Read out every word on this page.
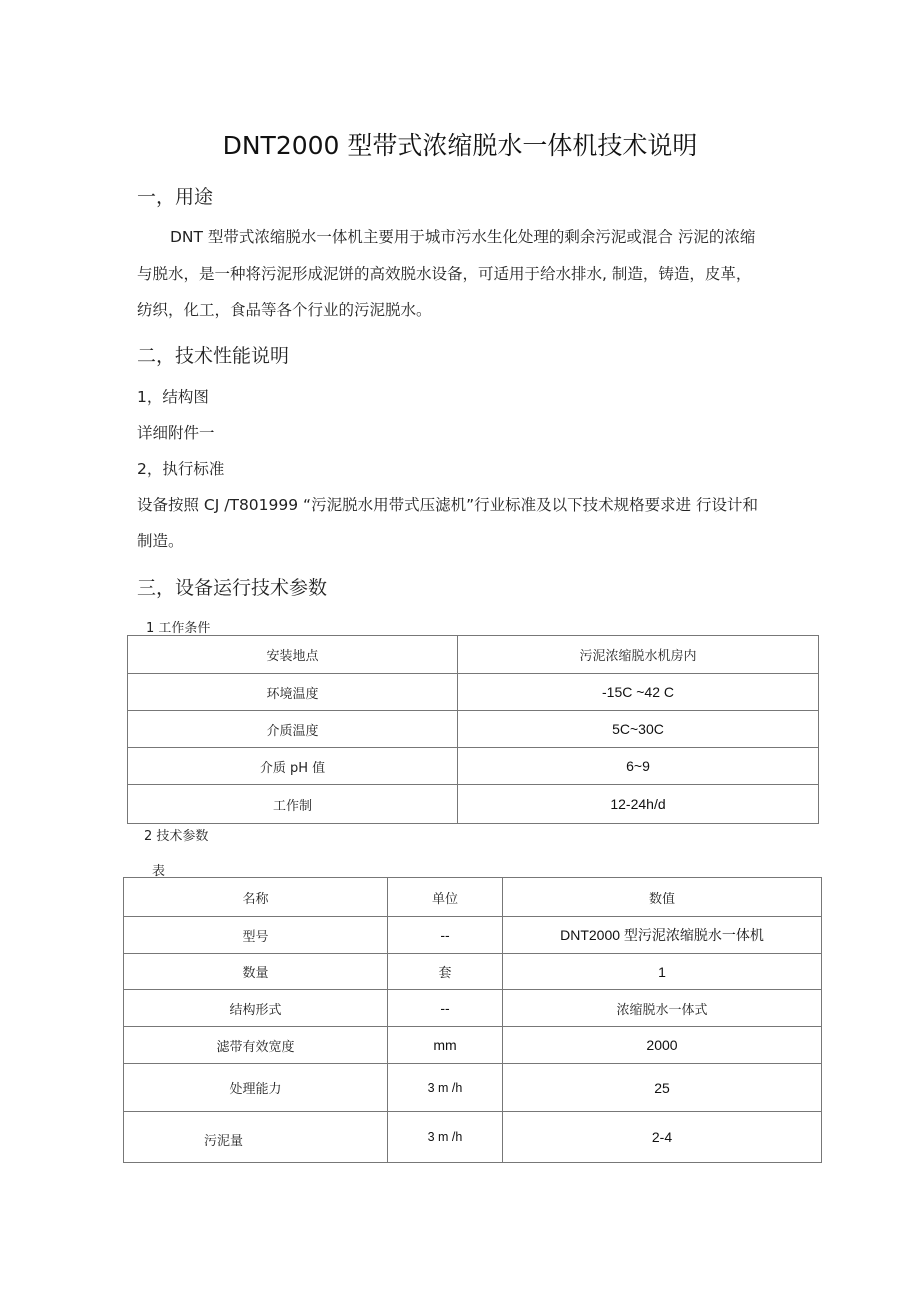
DNT2000 型带式浓缩脱水一体机技术说明
一，用途
DNT 型带式浓缩脱水一体机主要用于城市污水生化处理的剩余污泥或混合 污泥的浓缩
与脱水，是一种将污泥形成泥饼的高效脱水设备，可适用于给水排水, 制造，铸造，皮革，
纺织，化工，食品等各个行业的污泥脱水。
二，技术性能说明
1，结构图
详细附件一
2，执行标准
设备按照 CJ /T801999 “污泥脱水用带式压滤机”行业标准及以下技术规格要求进 行设计和
制造。
三，设备运行技术参数
1 工作条件
安装地点	污泥浓缩脱水机房内
环境温度	-15C ~42 C
介质温度	5C~30C
介质 pH 值	6~9
工作制	12-24h/d
2 技术参数
表
名称	单位	数值
型号	--	DNT2000 型污泥浓缩脱水一体机
数量	套	1
结构形式	--	浓缩脱水一体式
滤带有效宽度	mm	2000
处理能力	3 m /h	25
污泥量	3 m /h	2-4
